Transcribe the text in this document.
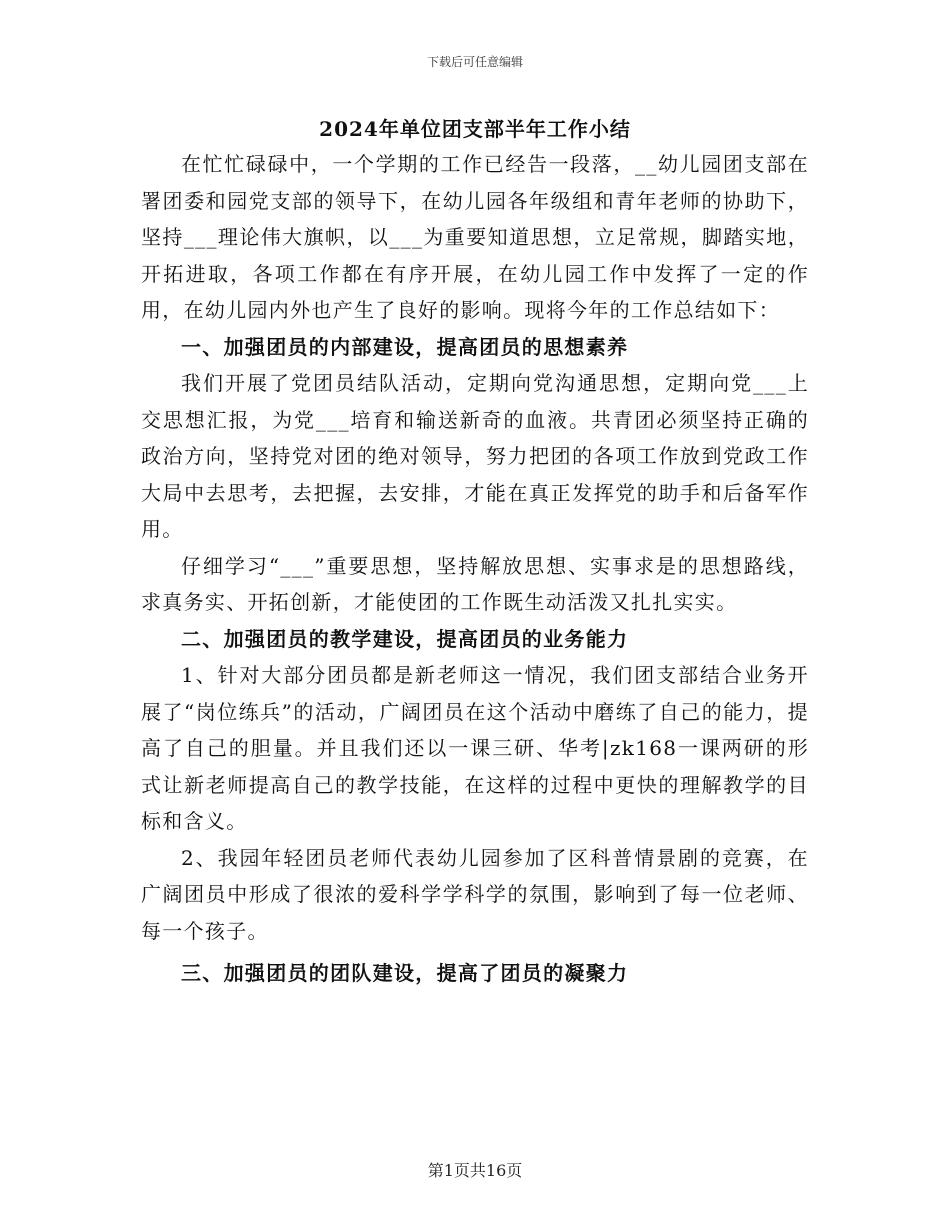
下载后可任意编辑
2024年单位团支部半年工作小结

在忙忙碌碌中，一个学期的工作已经告一段落，__幼儿园团支部在署团委和园党支部的领导下，在幼儿园各年级组和青年老师的协助下，坚持___理论伟大旗帜，以___为重要知道思想，立足常规，脚踏实地，开拓进取，各项工作都在有序开展，在幼儿园工作中发挥了一定的作用，在幼儿园内外也产生了良好的影响。现将今年的工作总结如下：

一、加强团员的内部建设，提高团员的思想素养

我们开展了党团员结队活动，定期向党沟通思想，定期向党___上交思想汇报，为党___培育和输送新奇的血液。共青团必须坚持正确的政治方向，坚持党对团的绝对领导，努力把团的各项工作放到党政工作大局中去思考，去把握，去安排，才能在真正发挥党的助手和后备军作用。

仔细学习“___”重要思想，坚持解放思想、实事求是的思想路线，求真务实、开拓创新，才能使团的工作既生动活泼又扎扎实实。

二、加强团员的教学建设，提高团员的业务能力

1、针对大部分团员都是新老师这一情况，我们团支部结合业务开展了“岗位练兵”的活动，广阔团员在这个活动中磨练了自己的能力，提高了自己的胆量。并且我们还以一课三研、华考|zk168一课两研的形式让新老师提高自己的教学技能，在这样的过程中更快的理解教学的目标和含义。

2、我园年轻团员老师代表幼儿园参加了区科普情景剧的竞赛，在广阔团员中形成了很浓的爱科学学科学的氛围，影响到了每一位老师、每一个孩子。

三、加强团员的团队建设，提高了团员的凝聚力

第1页共16页
